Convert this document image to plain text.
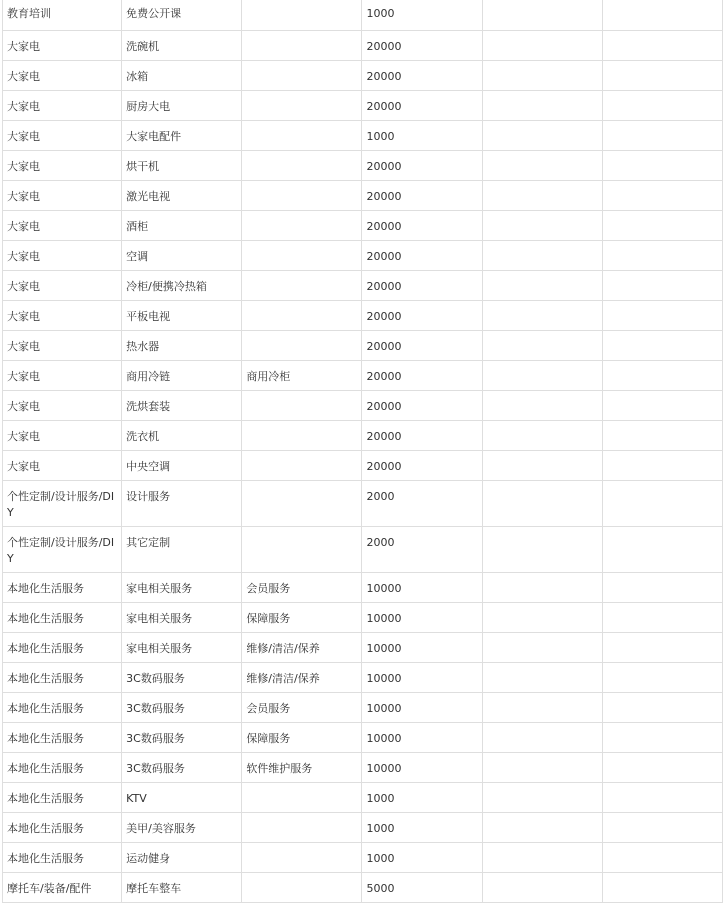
教育培训	免费公开课		1000		
大家电	洗碗机		20000		
大家电	冰箱		20000		
大家电	厨房大电		20000		
大家电	大家电配件		1000		
大家电	烘干机		20000		
大家电	激光电视		20000		
大家电	酒柜		20000		
大家电	空调		20000		
大家电	冷柜/便携冷热箱		20000		
大家电	平板电视		20000		
大家电	热水器		20000		
大家电	商用冷链	商用冷柜	20000		
大家电	洗烘套装		20000		
大家电	洗衣机		20000		
大家电	中央空调		20000		
个性定制/设计服务/DIY	设计服务		2000		
个性定制/设计服务/DIY	其它定制		2000		
本地化生活服务	家电相关服务	会员服务	10000		
本地化生活服务	家电相关服务	保障服务	10000		
本地化生活服务	家电相关服务	维修/清洁/保养	10000		
本地化生活服务	3C数码服务	维修/清洁/保养	10000		
本地化生活服务	3C数码服务	会员服务	10000		
本地化生活服务	3C数码服务	保障服务	10000		
本地化生活服务	3C数码服务	软件维护服务	10000		
本地化生活服务	KTV		1000		
本地化生活服务	美甲/美容服务		1000		
本地化生活服务	运动健身		1000		
摩托车/装备/配件	摩托车整车		5000		
